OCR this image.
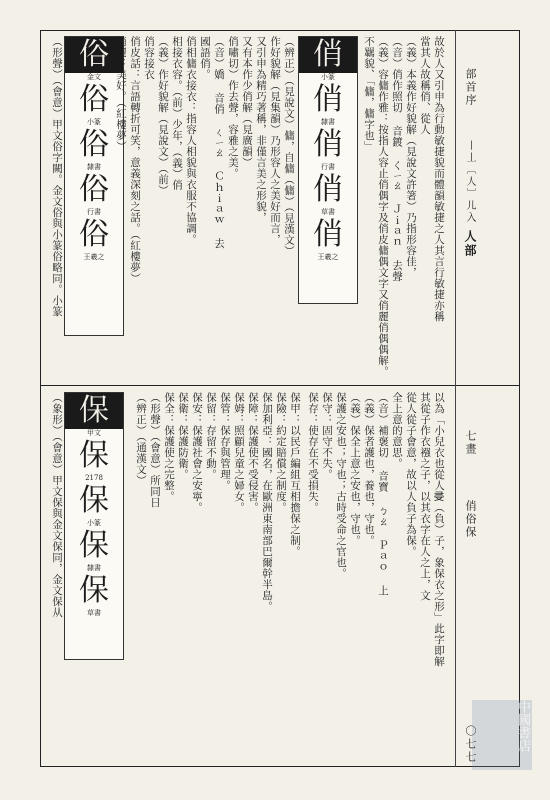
部首序
丨丄〔人〕儿入
人部
七畫
俏俗保
〇七七
故於人又引申為行動敏捷貌而體韻敏捷之人其言行敏捷亦稱
當其人故稱俏、從人
（義）本義作好貌解（見說文許箸）乃指形容佳，
（音）俏作照切 音鍍 くㄧㄠ Ｊｉａｎ 去聲
（義）容傭作雅：按指人容止俏偶字及俏皮傭偶文字又俏麗俏偶偶解。
不羈貌、「傭，傭字也」
俏
小篆
俏
隸書
俏
行書
俏
草書
俏
王羲之
（辨正）（見說文）傭，自傭（傭）（見漢文）
作好貌解（見集韻）乃形容人之美好而言，
又引申為精巧著稱，非僅言美之形貌，
又有本作少俏解（見廣韻）
俏嘯切）作去聲，容雅之美。
（音）嬌 音俏 ㄑㄧㄠ Ｃｈｉａｗ 去
國語俏。
俏相傭衣接衣：指容人相貌與衣服不協調。
相接衣容。（前）少年，（義）俏
（義）作好貌解（見說文）（前）
俏容接衣
俗
金文
俗
小篆
俗
隸書
俗
行書
俗
王羲之	俏皮話：言語轉折可笑，意義深刻之話。（紅樓夢）
俏麗：美好。（紅樓夢）
（形聲）（會意）甲文俗字闕。金文俗與小篆俗略同。小篆
以為「小兒衣也從人𠬶（負）子，象保衣之形」此字即解
其從子作衣襁之子，以其衣字在人之上，文
從人從子會意，故以人負子為保。
全上意的意思。
（音）補褒切 音寶 ㄅㄠ Ｐａｏ 上
（義）保者護也，養也，守也。
（義）保全上意之安也，守也。
保護之安也；守也；古時受命之官也。
保守：固守不失。
保存：使存在不受損失。
保甲：以民戶編組互相擔保之制。
保險：約定賠償之制度。
保加利亞：國名，在歐洲東南部巴爾幹半島。
保障：保護使不受侵害。
保姆：照顧兒童之婦女。
保管：保存與管理。
保留：存留不動。
保安：保護社會之安寧。
保衛：保護防衛。
保全：保護使之完整。
（形聲）（會意）所同日
（辨正）（通漢文）
保
甲文
保
2178
保
小篆
保
隸書
保
草書
（象形）（會意）甲文保與金文保同，金文保从
中國書店
